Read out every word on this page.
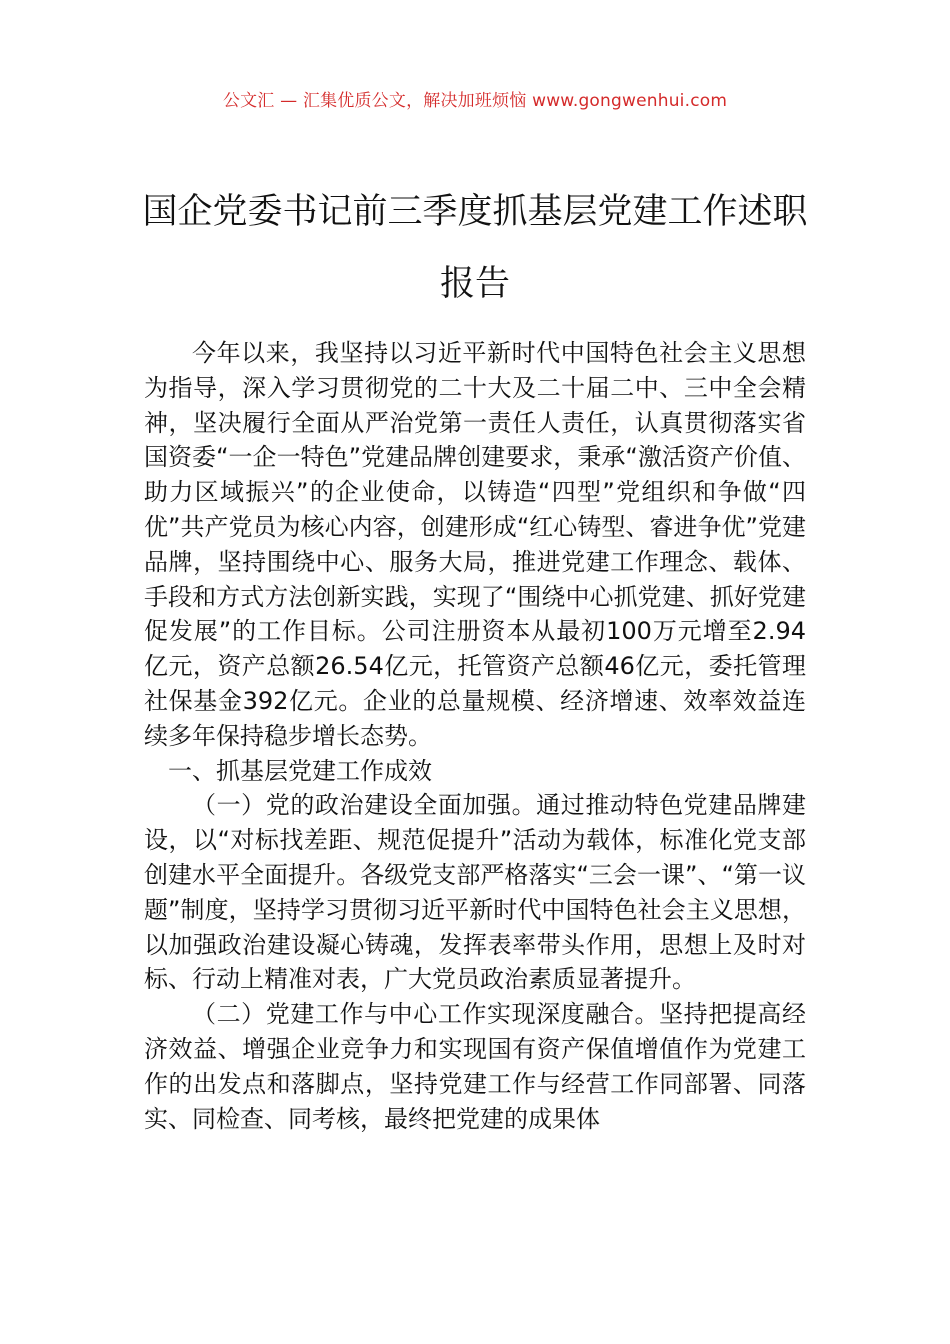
公文汇 — 汇集优质公文，解决加班烦恼 www.gongwenhui.com
国企党委书记前三季度抓基层党建工作述职报告

今年以来，我坚持以习近平新时代中国特色社会主义思想为指导，深入学习贯彻党的二十大及二十届二中、三中全会精神，坚决履行全面从严治党第一责任人责任，认真贯彻落实省国资委“一企一特色”党建品牌创建要求，秉承“激活资产价值、助力区域振兴”的企业使命，以铸造“四型”党组织和争做“四优”共产党员为核心内容，创建形成“红心铸型、睿进争优”党建品牌，坚持围绕中心、服务大局，推进党建工作理念、载体、手段和方式方法创新实践，实现了“围绕中心抓党建、抓好党建促发展”的工作目标。公司注册资本从最初100万元增至2.94亿元，资产总额26.54亿元，托管资产总额46亿元，委托管理社保基金392亿元。企业的总量规模、经济增速、效率效益连续多年保持稳步增长态势。

一、抓基层党建工作成效

（一）党的政治建设全面加强。通过推动特色党建品牌建设，以“对标找差距、规范促提升”活动为载体，标准化党支部创建水平全面提升。各级党支部严格落实“三会一课”、“第一议题”制度，坚持学习贯彻习近平新时代中国特色社会主义思想，以加强政治建设凝心铸魂，发挥表率带头作用，思想上及时对标、行动上精准对表，广大党员政治素质显著提升。

（二）党建工作与中心工作实现深度融合。坚持把提高经济效益、增强企业竞争力和实现国有资产保值增值作为党建工作的出发点和落脚点，坚持党建工作与经营工作同部署、同落实、同检查、同考核，最终把党建的成果体
